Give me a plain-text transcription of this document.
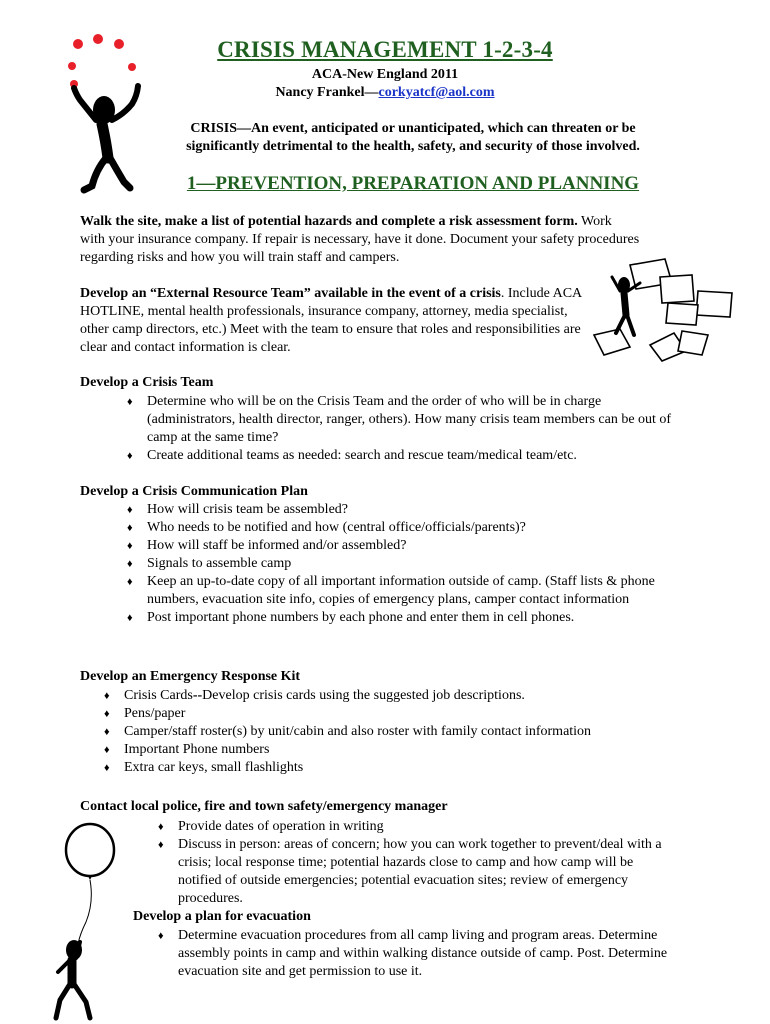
CRISIS MANAGEMENT 1-2-3-4
ACA-New England 2011
Nancy Frankel—corkyatcf@aol.com
CRISIS—An event, anticipated or unanticipated, which can threaten or be significantly detrimental to the health, safety, and security of those involved.
1—PREVENTION, PREPARATION AND PLANNING
Walk the site, make a list of potential hazards and complete a risk assessment form. Work with your insurance company. If repair is necessary, have it done. Document your safety procedures regarding risks and how you will train staff and campers.
Develop an “External Resource Team” available in the event of a crisis. Include ACA HOTLINE, mental health professionals, insurance company, attorney, media specialist, other camp directors, etc.) Meet with the team to ensure that roles and responsibilities are clear and contact information is clear.
Develop a Crisis Team
♦ Determine who will be on the Crisis Team and the order of who will be in charge (administrators, health director, ranger, others). How many crisis team members can be out of camp at the same time?
♦ Create additional teams as needed: search and rescue team/medical team/etc.
Develop a Crisis Communication Plan
♦ How will crisis team be assembled?
♦ Who needs to be notified and how (central office/officials/parents)?
♦ How will staff be informed and/or assembled?
♦ Signals to assemble camp
♦ Keep an up-to-date copy of all important information outside of camp. (Staff lists & phone numbers, evacuation site info, copies of emergency plans, camper contact information
♦ Post important phone numbers by each phone and enter them in cell phones.
Develop an Emergency Response Kit
♦ Crisis Cards--Develop crisis cards using the suggested job descriptions.
♦ Pens/paper
♦ Camper/staff roster(s) by unit/cabin and also roster with family contact information
♦ Important Phone numbers
♦ Extra car keys, small flashlights
Contact local police, fire and town safety/emergency manager
♦ Provide dates of operation in writing
♦ Discuss in person: areas of concern; how you can work together to prevent/deal with a crisis; local response time; potential hazards close to camp and how camp will be notified of outside emergencies; potential evacuation sites; review of emergency procedures.
Develop a plan for evacuation
♦ Determine evacuation procedures from all camp living and program areas. Determine assembly points in camp and within walking distance outside of camp. Post. Determine evacuation site and get permission to use it.
